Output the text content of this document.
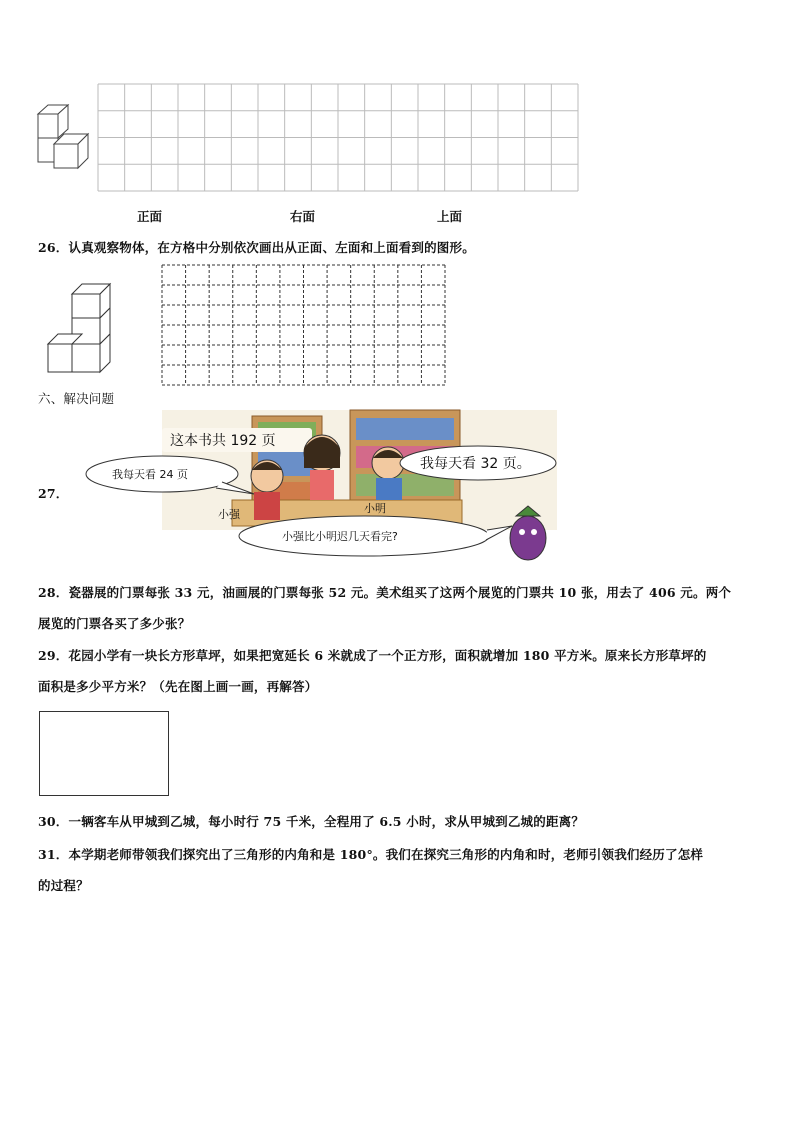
正面	右面	上面
26．认真观察物体，在方格中分别依次画出从正面、左面和上面看到的图形。
六、解决问题
27．
这本书共 192 页
我每天看 32 页。
我每天看 24 页
小强	小明
小强比小明迟几天看完?
28．瓷器展的门票每张 33 元，油画展的门票每张 52 元。美术组买了这两个展览的门票共 10 张，用去了 406 元。两个
展览的门票各买了多少张？
29．花园小学有一块长方形草坪，如果把宽延长 6 米就成了一个正方形，面积就增加 180 平方米。原来长方形草坪的
面积是多少平方米？（先在图上画一画，再解答）
30．一辆客车从甲城到乙城，每小时行 75 千米，全程用了 6.5 小时，求从甲城到乙城的距离？
31．本学期老师带领我们探究出了三角形的内角和是 180°。我们在探究三角形的内角和时，老师引领我们经历了怎样
的过程？
